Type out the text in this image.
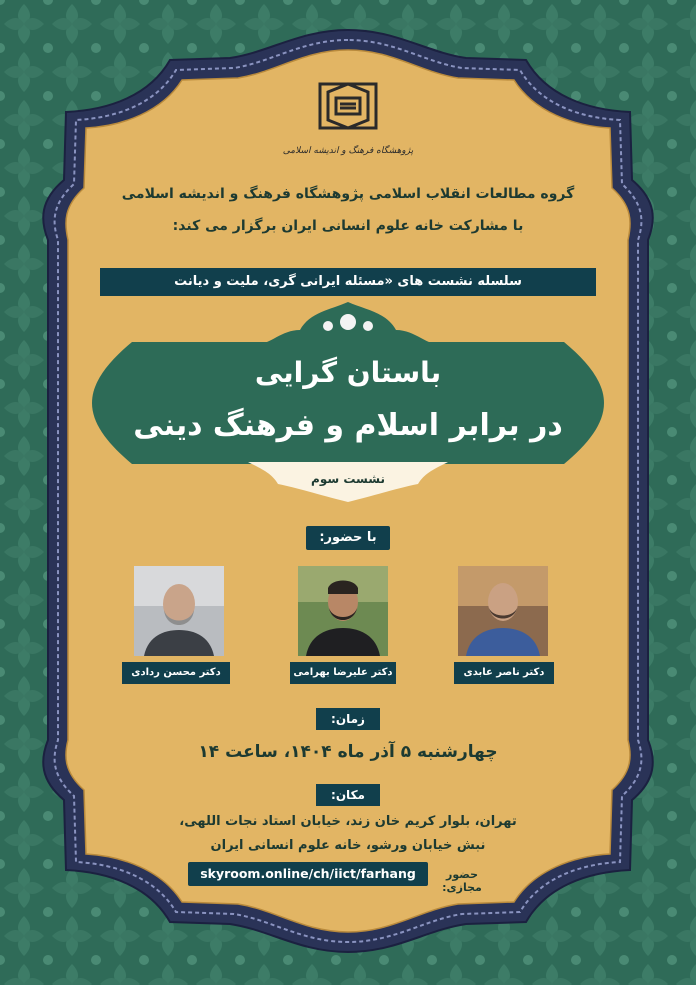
پژوهشگاه فرهنگ و اندیشه اسلامی
گروه مطالعات انقلاب اسلامی پژوهشگاه فرهنگ و اندیشه اسلامی
با مشارکت خانه علوم انسانی ایران برگزار می کند:
سلسله نشست های «مسئله ایرانی گری، ملیت و دیانت
باستان گرایی
در برابر اسلام و فرهنگ دینی
نشست سوم
با حضور:
دکتر محسن ردادی	دکتر علیرضا بهرامی	دکتر ناصر عابدی
زمان:
چهارشنبه ۵ آذر ماه ۱۴۰۴، ساعت ۱۴
مکان:
تهران، بلوار کریم خان زند، خیابان استاد نجات اللهی،
نبش خیابان ورشو، خانه علوم انسانی ایران
skyroom.online/ch/iict/farhang	حضور مجازی:
